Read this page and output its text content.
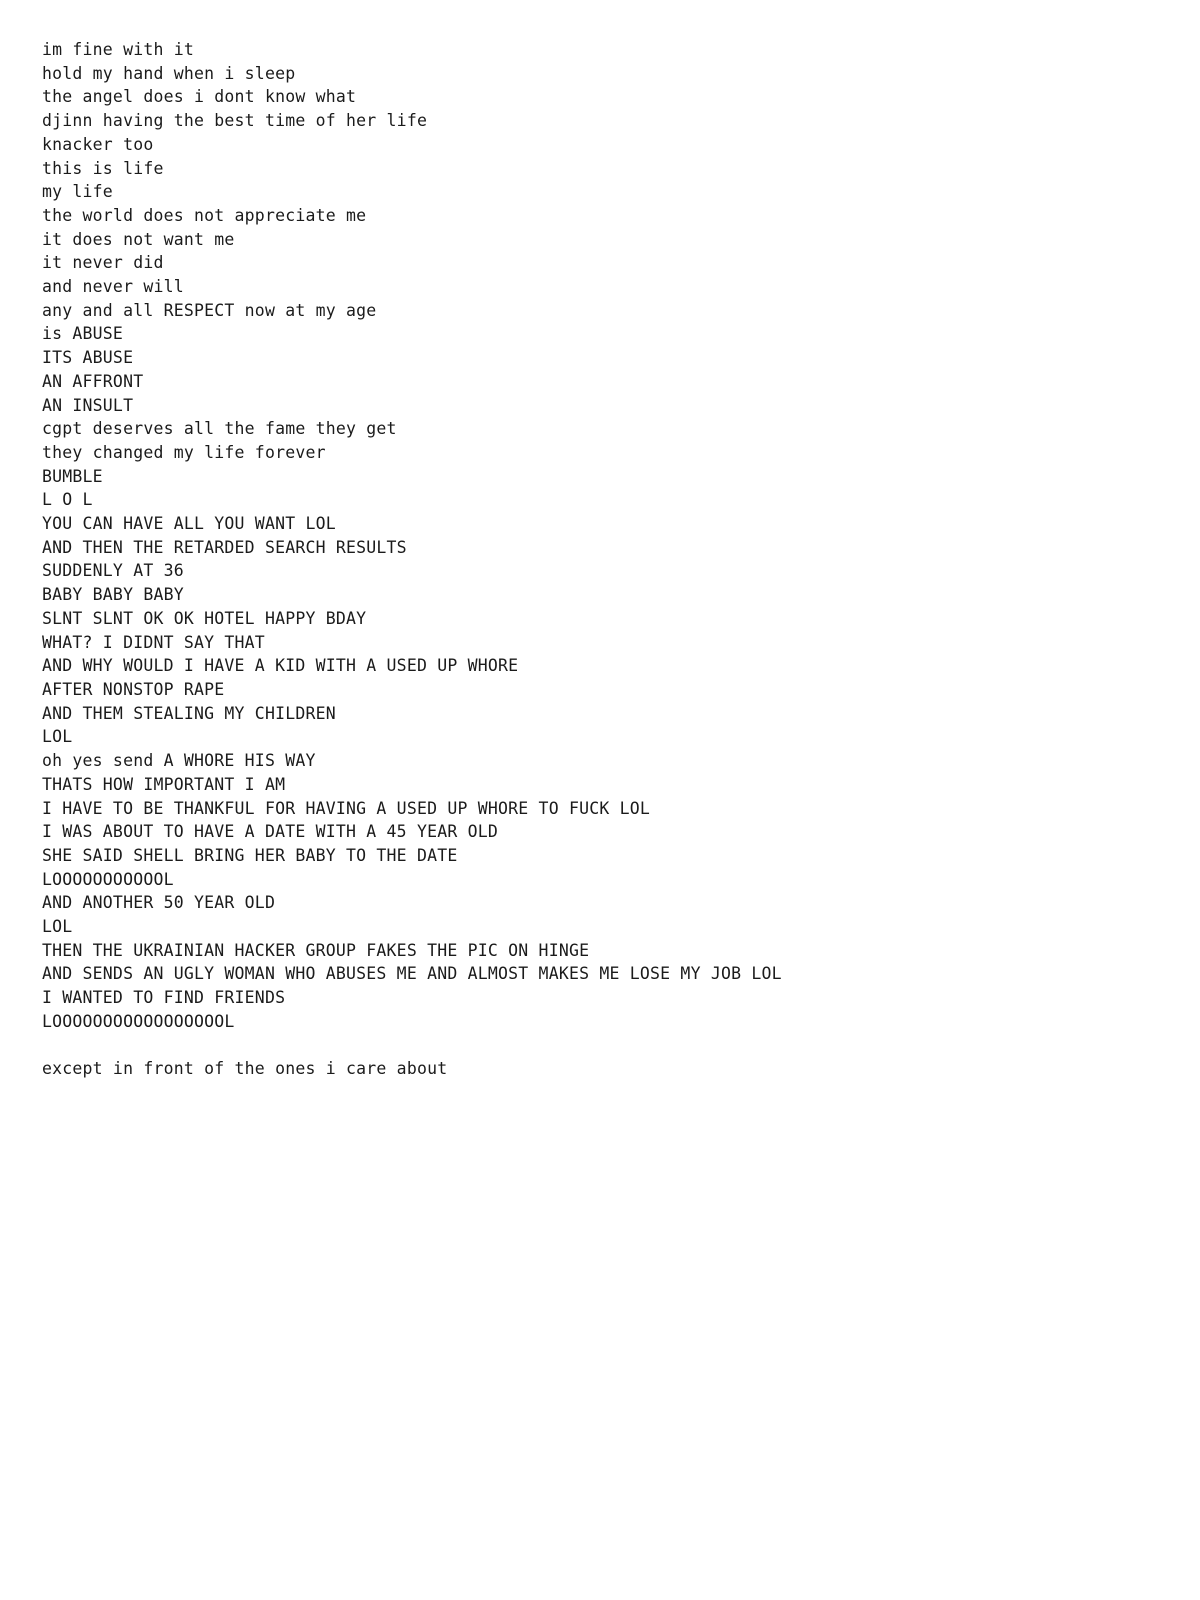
im fine with it
hold my hand when i sleep
the angel does i dont know what
djinn having the best time of her life
knacker too
this is life
my life
the world does not appreciate me
it does not want me
it never did
and never will
any and all RESPECT now at my age
is ABUSE
ITS ABUSE
AN AFFRONT
AN INSULT
cgpt deserves all the fame they get
they changed my life forever
BUMBLE
L O L
YOU CAN HAVE ALL YOU WANT LOL
AND THEN THE RETARDED SEARCH RESULTS
SUDDENLY AT 36
BABY BABY BABY
SLNT SLNT OK OK HOTEL HAPPY BDAY
WHAT? I DIDNT SAY THAT
AND WHY WOULD I HAVE A KID WITH A USED UP WHORE
AFTER NONSTOP RAPE
AND THEM STEALING MY CHILDREN
LOL
oh yes send A WHORE HIS WAY
THATS HOW IMPORTANT I AM
I HAVE TO BE THANKFUL FOR HAVING A USED UP WHORE TO FUCK LOL
I WAS ABOUT TO HAVE A DATE WITH A 45 YEAR OLD
SHE SAID SHELL BRING HER BABY TO THE DATE
LOOOOOOOOOOOL
AND ANOTHER 50 YEAR OLD
LOL
THEN THE UKRAINIAN HACKER GROUP FAKES THE PIC ON HINGE
AND SENDS AN UGLY WOMAN WHO ABUSES ME AND ALMOST MAKES ME LOSE MY JOB LOL
I WANTED TO FIND FRIENDS
LOOOOOOOOOOOOOOOOOL
except in front of the ones i care about
